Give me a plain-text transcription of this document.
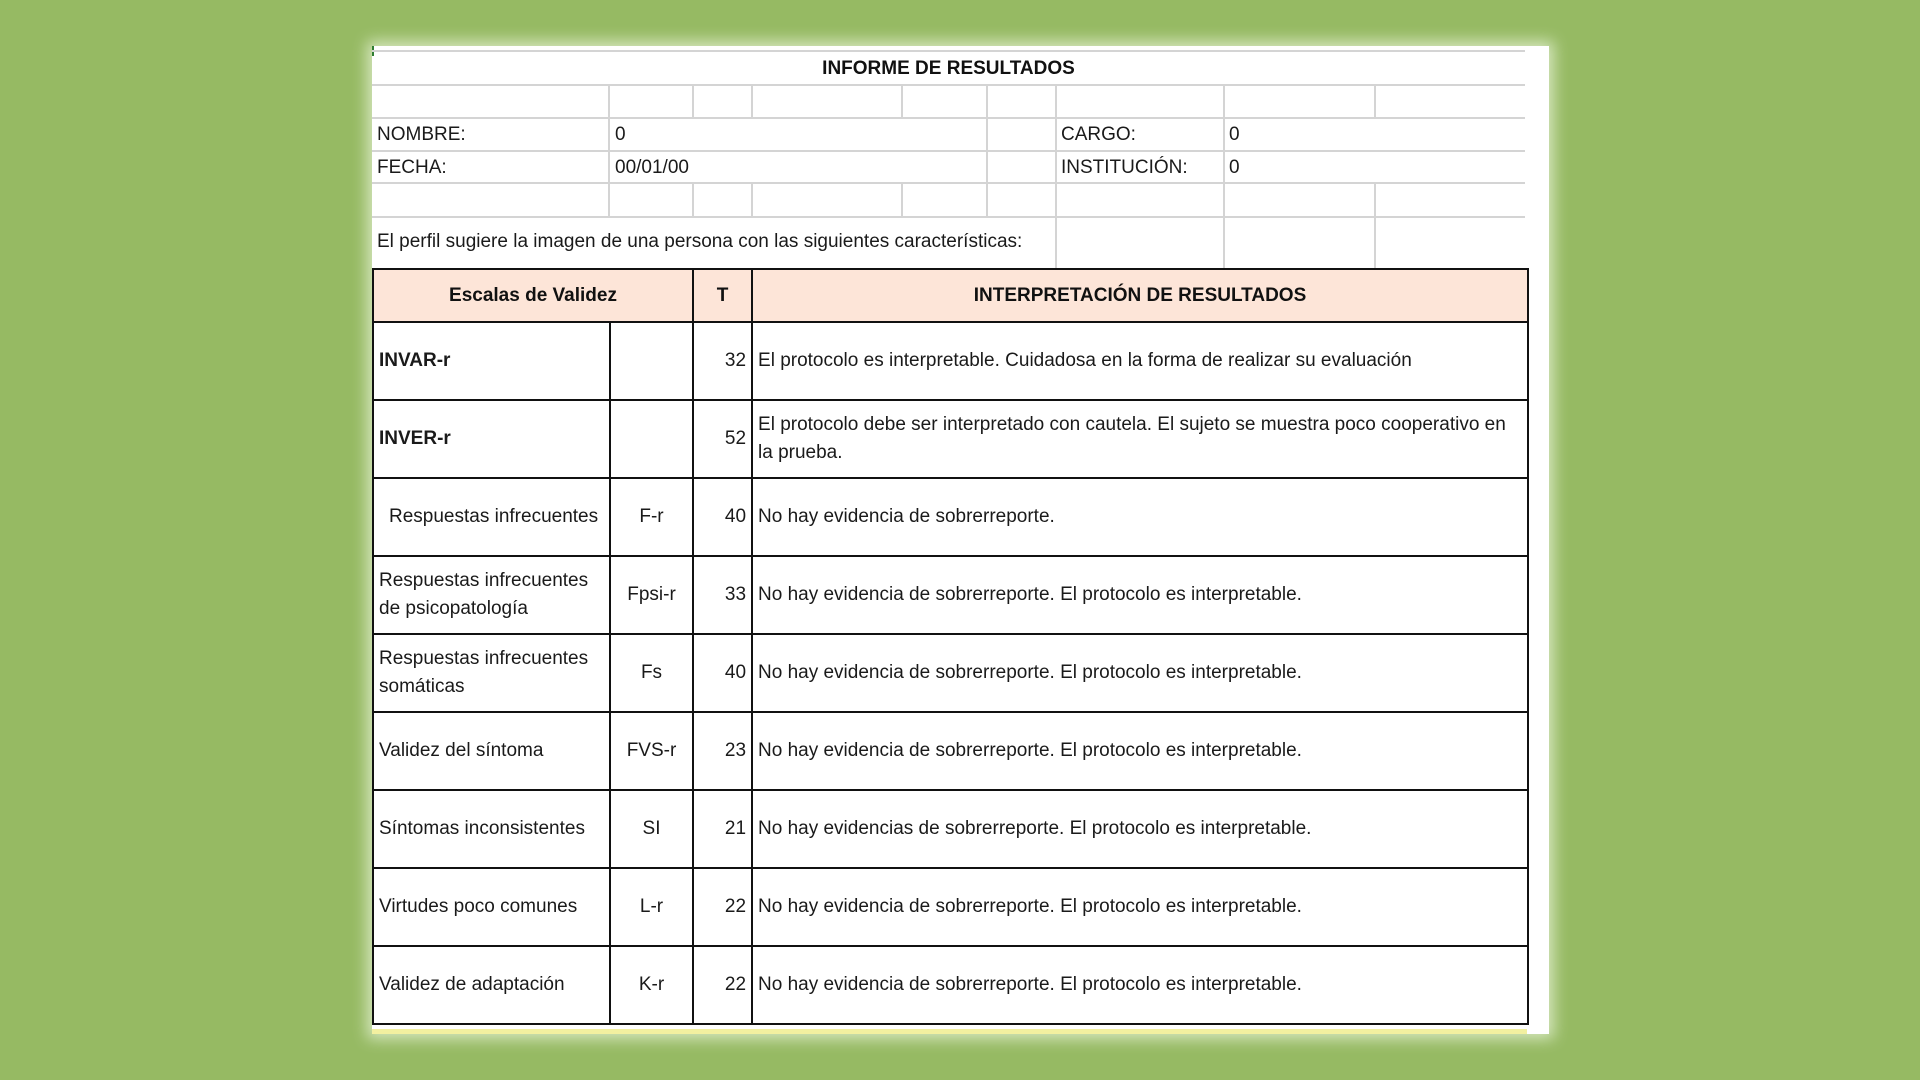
INFORME DE RESULTADOS
NOMBRE:	0	CARGO:	0
FECHA:	00/01/00	INSTITUCIÓN: 0
El perfil sugiere la imagen de una persona con las siguientes características:
Escalas de Validez		T	INTERPRETACIÓN DE RESULTADOS
INVAR-r		32	El protocolo es interpretable. Cuidadosa en la forma de realizar su evaluación
INVER-r		52	El protocolo debe ser interpretado con cautela. El sujeto se muestra poco cooperativo en la prueba.
Respuestas infrecuentes	F-r	40	No hay evidencia de sobrerreporte.
Respuestas infrecuentes de psicopatología	Fpsi-r	33	No hay evidencia de sobrerreporte. El protocolo es interpretable.
Respuestas infrecuentes somáticas	Fs	40	No hay evidencia de sobrerreporte. El protocolo es interpretable.
Validez del síntoma	FVS-r	23	No hay evidencia de sobrerreporte. El protocolo es interpretable.
Síntomas inconsistentes	SI	21	No hay evidencias de sobrerreporte. El protocolo es interpretable.
Virtudes poco comunes	L-r	22	No hay evidencia de sobrerreporte. El protocolo es interpretable.
Validez de adaptación	K-r	22	No hay evidencia de sobrerreporte. El protocolo es interpretable.
